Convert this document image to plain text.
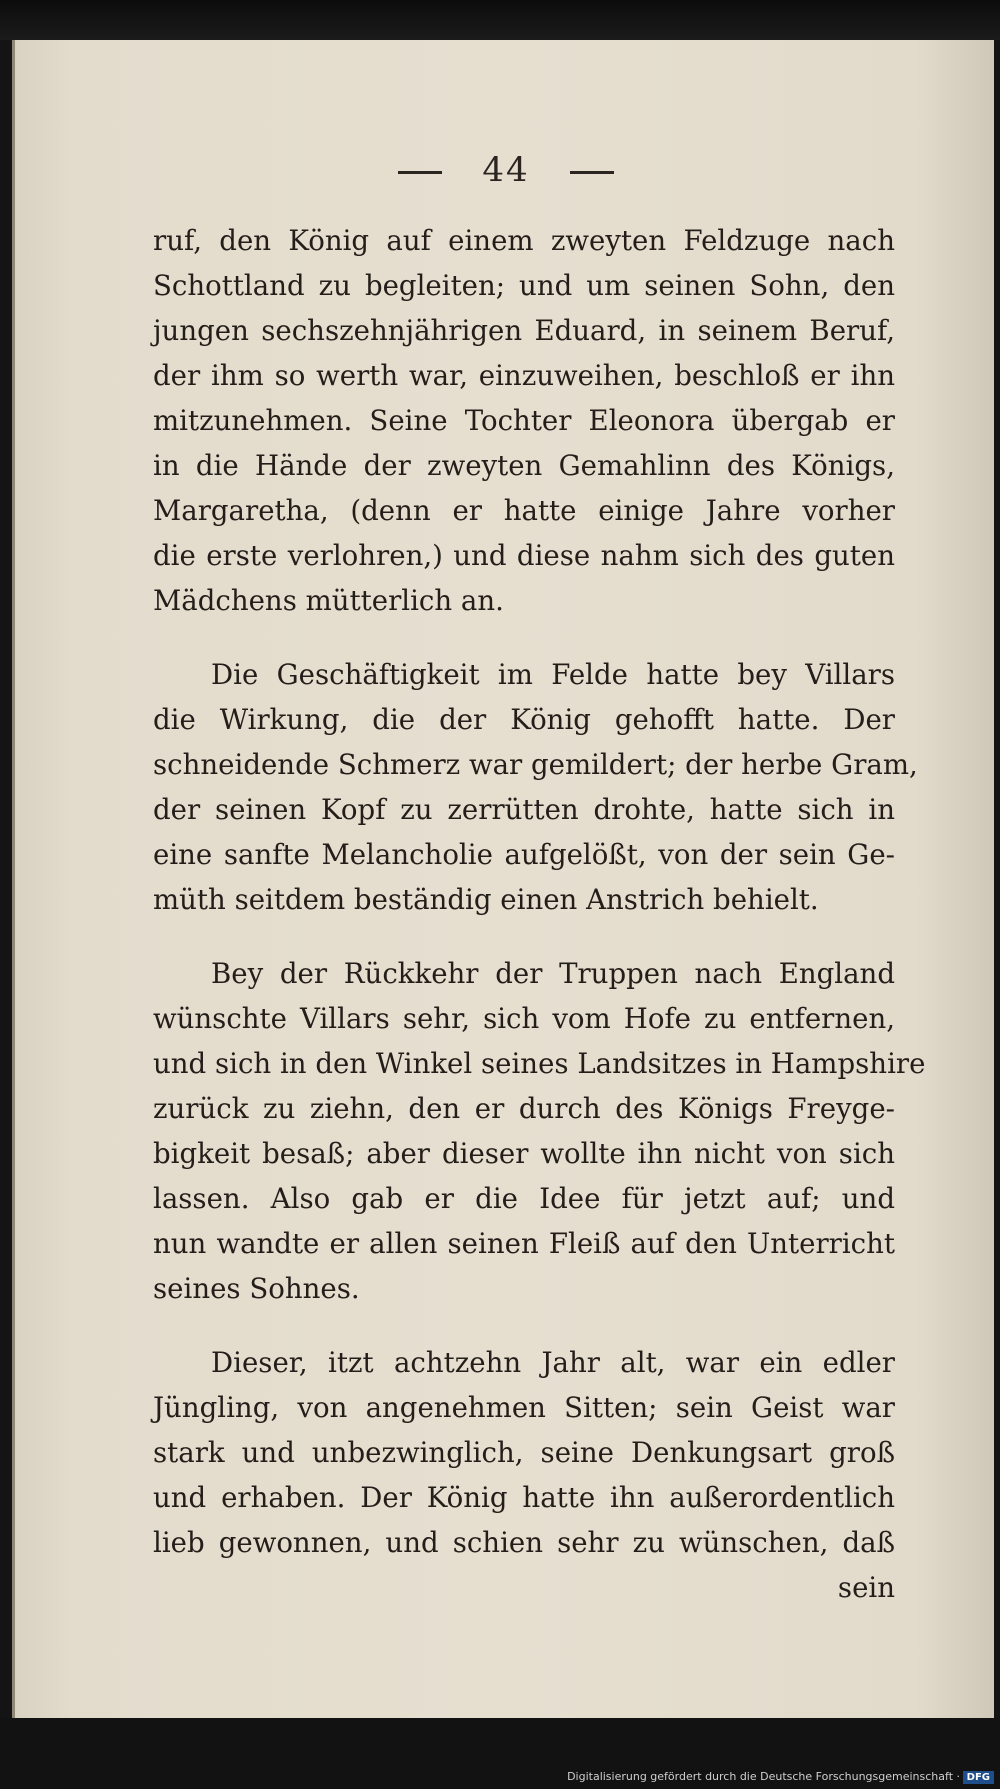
44
ruf, den König auf einem zweyten Feldzuge nach
Schottland zu begleiten; und um seinen Sohn, den
jungen sechszehnjährigen Eduard, in seinem Beruf,
der ihm so werth war, einzuweihen, beschloß er ihn
mitzunehmen. Seine Tochter Eleonora übergab er
in die Hände der zweyten Gemahlinn des Königs,
Margaretha, (denn er hatte einige Jahre vorher
die erste verlohren,) und diese nahm sich des guten
Mädchens mütterlich an.
Die Geschäftigkeit im Felde hatte bey Villars
die Wirkung, die der König gehofft hatte. Der
schneidende Schmerz war gemildert; der herbe Gram,
der seinen Kopf zu zerrütten drohte, hatte sich in
eine sanfte Melancholie aufgelößt, von der sein Ge-
müth seitdem beständig einen Anstrich behielt.
Bey der Rückkehr der Truppen nach England
wünschte Villars sehr, sich vom Hofe zu entfernen,
und sich in den Winkel seines Landsitzes in Hampshire
zurück zu ziehn, den er durch des Königs Freyge-
bigkeit besaß; aber dieser wollte ihn nicht von sich
lassen. Also gab er die Idee für jetzt auf; und
nun wandte er allen seinen Fleiß auf den Unterricht
seines Sohnes.
Dieser, itzt achtzehn Jahr alt, war ein edler
Jüngling, von angenehmen Sitten; sein Geist war
stark und unbezwinglich, seine Denkungsart groß
und erhaben. Der König hatte ihn außerordentlich
lieb gewonnen, und schien sehr zu wünschen, daß
sein
Digitalisierung gefördert durch die Deutsche Forschungsgemeinschaft · DFG
